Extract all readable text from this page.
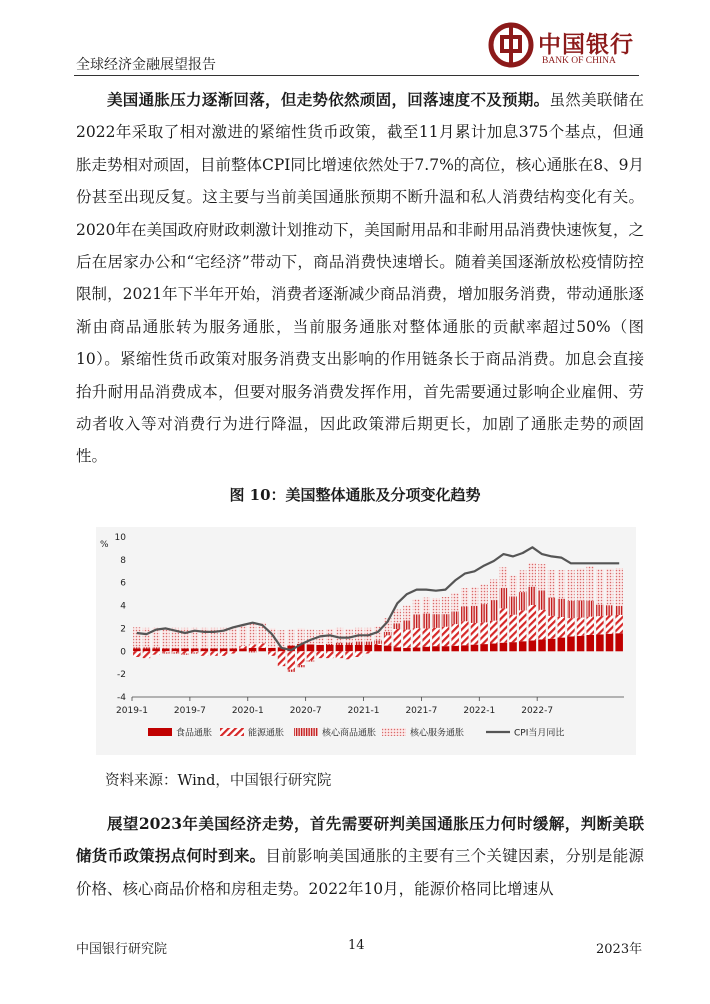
全球经济金融展望报告
中国银行
BANK OF CHINA

美国通胀压力逐渐回落，但走势依然顽固，回落速度不及预期。虽然美联储在2022年采取了相对激进的紧缩性货币政策，截至11月累计加息375个基点，但通胀走势相对顽固，目前整体CPI同比增速依然处于7.7%的高位，核心通胀在8、9月份甚至出现反复。这主要与当前美国通胀预期不断升温和私人消费结构变化有关。2020年在美国政府财政刺激计划推动下，美国耐用品和非耐用品消费快速恢复，之后在居家办公和“宅经济”带动下，商品消费快速增长。随着美国逐渐放松疫情防控限制，2021年下半年开始，消费者逐渐减少商品消费，增加服务消费，带动通胀逐渐由商品通胀转为服务通胀，当前服务通胀对整体通胀的贡献率超过50%（图10）。紧缩性货币政策对服务消费支出影响的作用链条长于商品消费。加息会直接抬升耐用品消费成本，但要对服务消费发挥作用，首先需要通过影响企业雇佣、劳动者收入等对消费行为进行降温，因此政策滞后期更长，加剧了通胀走势的顽固性。

图 10：美国整体通胀及分项变化趋势
-4
-2
0
2
4
6
8
10
%
2019-1	2019-7	2020-1	2020-7	2021-1	2021-7	2022-1	2022-7
食品通胀	能源通胀	核心商品通胀	核心服务通胀	CPI当月同比
资料来源：Wind，中国银行研究院

展望2023年美国经济走势，首先需要研判美国通胀压力何时缓解，判断美联储货币政策拐点何时到来。目前影响美国通胀的主要有三个关键因素，分别是能源价格、核心商品价格和房租走势。2022年10月，能源价格同比增速从

中国银行研究院	14	2023年
